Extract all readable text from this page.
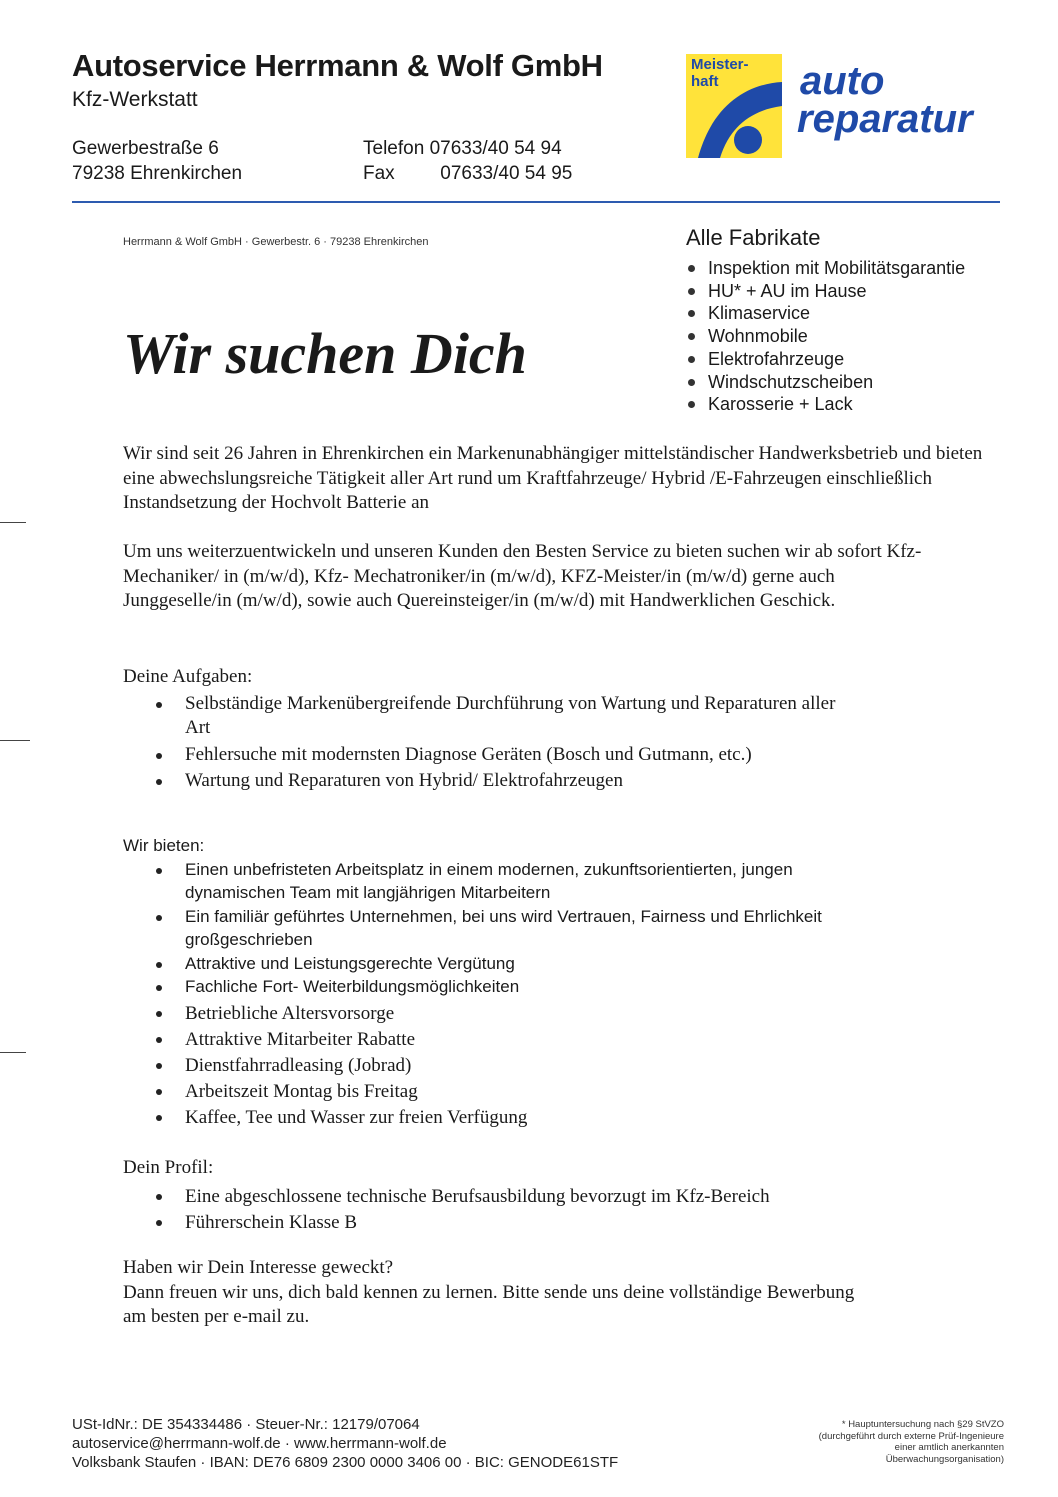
Autoservice Herrmann & Wolf GmbH
Kfz-Werkstatt
Gewerbestraße 6
79238 Ehrenkirchen
Telefon 07633/40 54 94
Fax 07633/40 54 95
Meister-
haft	auto
reparatur
Herrmann & Wolf GmbH · Gewerbestr. 6 · 79238 Ehrenkirchen	Alle Fabrikate
Inspektion mit Mobilitätsgarantie
HU* + AU im Hause
Klimaservice
Wohnmobile
Elektrofahrzeuge
Windschutzscheiben
Karosserie + Lack
Wir suchen Dich

Wir sind seit 26 Jahren in Ehrenkirchen ein Markenunabhängiger mittelständischer Handwerksbetrieb und bieten eine abwechslungsreiche Tätigkeit aller Art rund um Kraftfahrzeuge/ Hybrid /E-Fahrzeugen einschließlich Instandsetzung der Hochvolt Batterie an

Um uns weiterzuentwickeln und unseren Kunden den Besten Service zu bieten suchen wir ab sofort Kfz-Mechaniker/ in (m/w/d), Kfz- Mechatroniker/in (m/w/d), KFZ-Meister/in (m/w/d) gerne auch Junggeselle/in (m/w/d), sowie auch Quereinsteiger/in (m/w/d) mit Handwerklichen Geschick.

Deine Aufgaben:
Selbständige Markenübergreifende Durchführung von Wartung und Reparaturen aller Art
Fehlersuche mit modernsten Diagnose Geräten (Bosch und Gutmann, etc.)
Wartung und Reparaturen von Hybrid/ Elektrofahrzeugen
Wir bieten:
Einen unbefristeten Arbeitsplatz in einem modernen, zukunftsorientierten, jungen dynamischen Team mit langjährigen Mitarbeitern
Ein familiär geführtes Unternehmen, bei uns wird Vertrauen, Fairness und Ehrlichkeit großgeschrieben
Attraktive und Leistungsgerechte Vergütung
Fachliche Fort- Weiterbildungsmöglichkeiten
Betriebliche Altersvorsorge
Attraktive Mitarbeiter Rabatte
Dienstfahrradleasing (Jobrad)
Arbeitszeit Montag bis Freitag
Kaffee, Tee und Wasser zur freien Verfügung
Dein Profil:
Eine abgeschlossene technische Berufsausbildung bevorzugt im Kfz-Bereich
Führerschein Klasse B
Haben wir Dein Interesse geweckt?
Dann freuen wir uns, dich bald kennen zu lernen. Bitte sende uns deine vollständige Bewerbung am besten per e-mail zu.
USt-IdNr.: DE 354334486 · Steuer-Nr.: 12179/07064
autoservice@herrmann-wolf.de · www.herrmann-wolf.de
Volksbank Staufen · IBAN: DE76 6809 2300 0000 3406 00 · BIC: GENODE61STF
* Hauptuntersuchung nach §29 StVZO (durchgeführt durch externe Prüf-Ingenieure einer amtlich anerkannten Überwachungsorganisation)
